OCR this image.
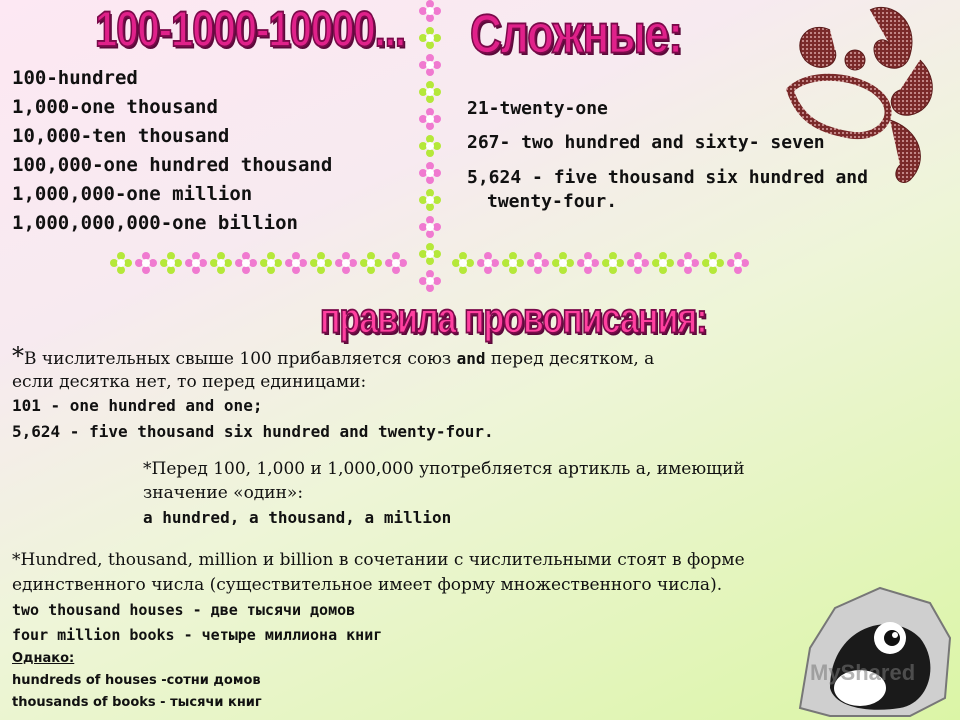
100-1000-10000... Сложные:
правила провописания:
100-hundred
1,000-one thousand
10,000-ten thousand
100,000-one hundred thousand
1,000,000-one million
1,000,000,000-one billion
21-twenty-one
267- two hundred and sixty- seven
5,624 - five thousand six hundred and
twenty-four.
*В числительных свыше 100 прибавляется союз and перед десятком, а
если десятка нет, то перед единицами:
101 - one hundred and one;
5,624 - five thousand six hundred and twenty-four.
*Перед 100, 1,000 и 1,000,000 употребляется артикль а, имеющий
значение «один»:
a hundred, a thousand, a million
*Hundred, thousand, million и billion в сочетании с числительными стоят в форме
единственного числа (существительное имеет форму множественного числа).
two thousand houses - две тысячи домов
four million books - четыре миллиона книг
Однако:
hundreds of houses -сотни домов
thousands of books - тысячи книг
MyShared
